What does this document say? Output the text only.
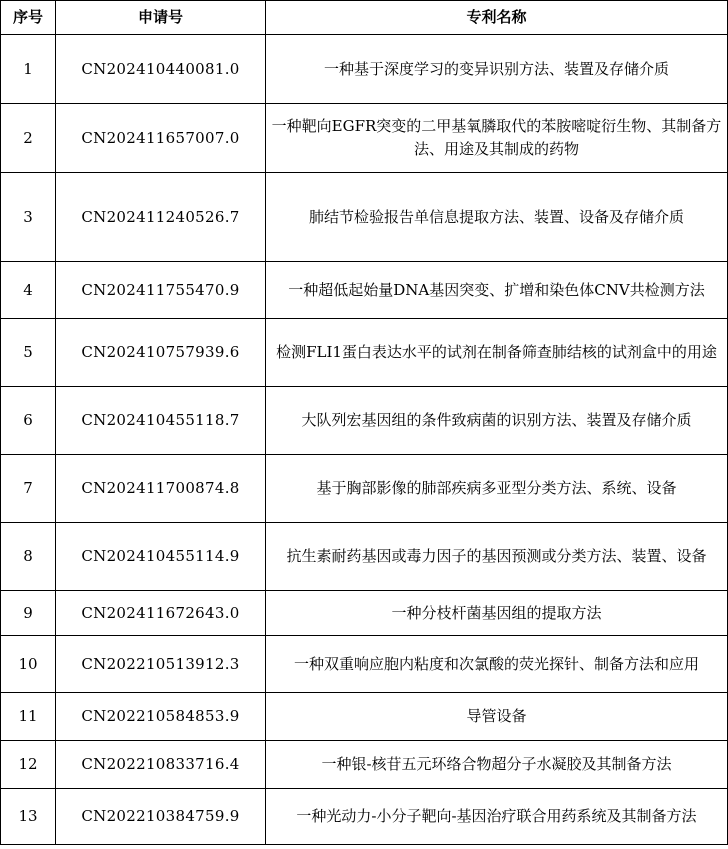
序号	申请号	专利名称
1	CN202410440081.0	一种基于深度学习的变异识别方法、装置及存储介质
2	CN202411657007.0	一种靶向EGFR突变的二甲基氧膦取代的苯胺嘧啶衍生物、其制备方法、用途及其制成的药物
3	CN202411240526.7	肺结节检验报告单信息提取方法、装置、设备及存储介质
4	CN202411755470.9	一种超低起始量DNA基因突变、扩增和染色体CNV共检测方法
5	CN202410757939.6	检测FLI1蛋白表达水平的试剂在制备筛查肺结核的试剂盒中的用途
6	CN202410455118.7	大队列宏基因组的条件致病菌的识别方法、装置及存储介质
7	CN202411700874.8	基于胸部影像的肺部疾病多亚型分类方法、系统、设备
8	CN202410455114.9	抗生素耐药基因或毒力因子的基因预测或分类方法、装置、设备
9	CN202411672643.0	一种分枝杆菌基因组的提取方法
10	CN202210513912.3	一种双重响应胞内粘度和次氯酸的荧光探针、制备方法和应用
11	CN202210584853.9	导管设备
12	CN202210833716.4	一种银-核苷五元环络合物超分子水凝胶及其制备方法
13	CN202210384759.9	一种光动力-小分子靶向-基因治疗联合用药系统及其制备方法
